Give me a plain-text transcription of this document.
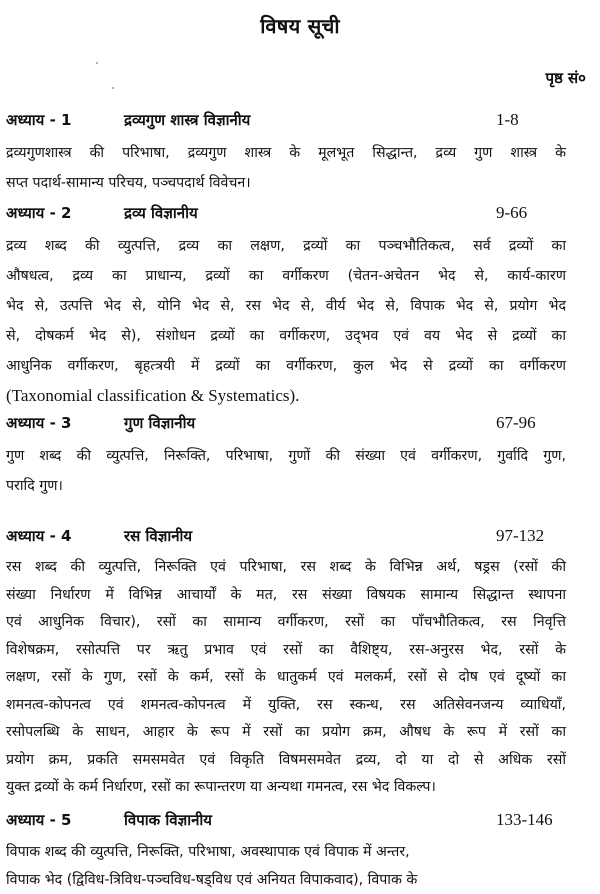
विषय सूची
पृष्ठ सं०
अध्याय - 1	द्रव्यगुण शास्त्र विज्ञानीय	1-8

द्रव्यगुणशास्त्र की परिभाषा, द्रव्यगुण शास्त्र के मूलभूत सिद्धान्त, द्रव्य गुण शास्त्र के
सप्त पदार्थ-सामान्य परिचय, पञ्चपदार्थ विवेचन।

अध्याय - 2	द्रव्य विज्ञानीय	9-66

द्रव्य शब्द की व्युत्पत्ति, द्रव्य का लक्षण, द्रव्यों का पञ्चभौतिकत्व, सर्व द्रव्यों का
औषधत्व, द्रव्य का प्राधान्य, द्रव्यों का वर्गीकरण (चेतन-अचेतन भेद से, कार्य-कारण
भेद से, उत्पत्ति भेद से, योनि भेद से, रस भेद से, वीर्य भेद से, विपाक भेद से, प्रयोग भेद
से, दोषकर्म भेद से), संशोधन द्रव्यों का वर्गीकरण, उद्‌भव एवं वय भेद से द्रव्यों का
आधुनिक वर्गीकरण, बृहत्त्रयी में द्रव्यों का वर्गीकरण, कुल भेद से द्रव्यों का वर्गीकरण
(Taxonomial classification & Systematics).

अध्याय - 3	गुण विज्ञानीय	67-96

गुण शब्द की व्युत्पत्ति, निरूक्ति, परिभाषा, गुणों की संख्या एवं वर्गीकरण, गुर्वादि गुण,
परादि गुण।

अध्याय - 4	रस विज्ञानीय	97-132

रस शब्द की व्युत्पत्ति, निरूक्ति एवं परिभाषा, रस शब्द के विभिन्न अर्थ, षड्रस (रसों की
संख्या निर्धारण में विभिन्न आचार्यों के मत, रस संख्या विषयक सामान्य सिद्धान्त स्थापना
एवं आधुनिक विचार), रसों का सामान्य वर्गीकरण, रसों का पाँचभौतिकत्व, रस निवृत्ति
विशेषक्रम, रसोत्पत्ति पर ऋतु प्रभाव एवं रसों का वैशिष्ट्य, रस-अनुरस भेद, रसों के
लक्षण, रसों के गुण, रसों के कर्म, रसों के धातुकर्म एवं मलकर्म, रसों से दोष एवं दूष्यों का
शमनत्व-कोपनत्व एवं शमनत्व-कोपनत्व में युक्ति, रस स्कन्ध, रस अतिसेवनजन्य व्याधियाँ,
रसोपलब्धि के साधन, आहार के रूप में रसों का प्रयोग क्रम, औषध के रूप में रसों का
प्रयोग क्रम, प्रकति समसमवेत एवं विकृति विषमसमवेत द्रव्य, दो या दो से अधिक रसों
युक्त द्रव्यों के कर्म निर्धारण, रसों का रूपान्तरण या अन्यथा गमनत्व, रस भेद विकल्प।

अध्याय - 5	विपाक विज्ञानीय	133-146

विपाक शब्द की व्युत्पत्ति, निरूक्ति, परिभाषा, अवस्थापाक एवं विपाक में अन्तर,
विपाक भेद (द्विविध-त्रिविध-पञ्चविध-षड्विध एवं अनियत विपाकवाद), विपाक के
